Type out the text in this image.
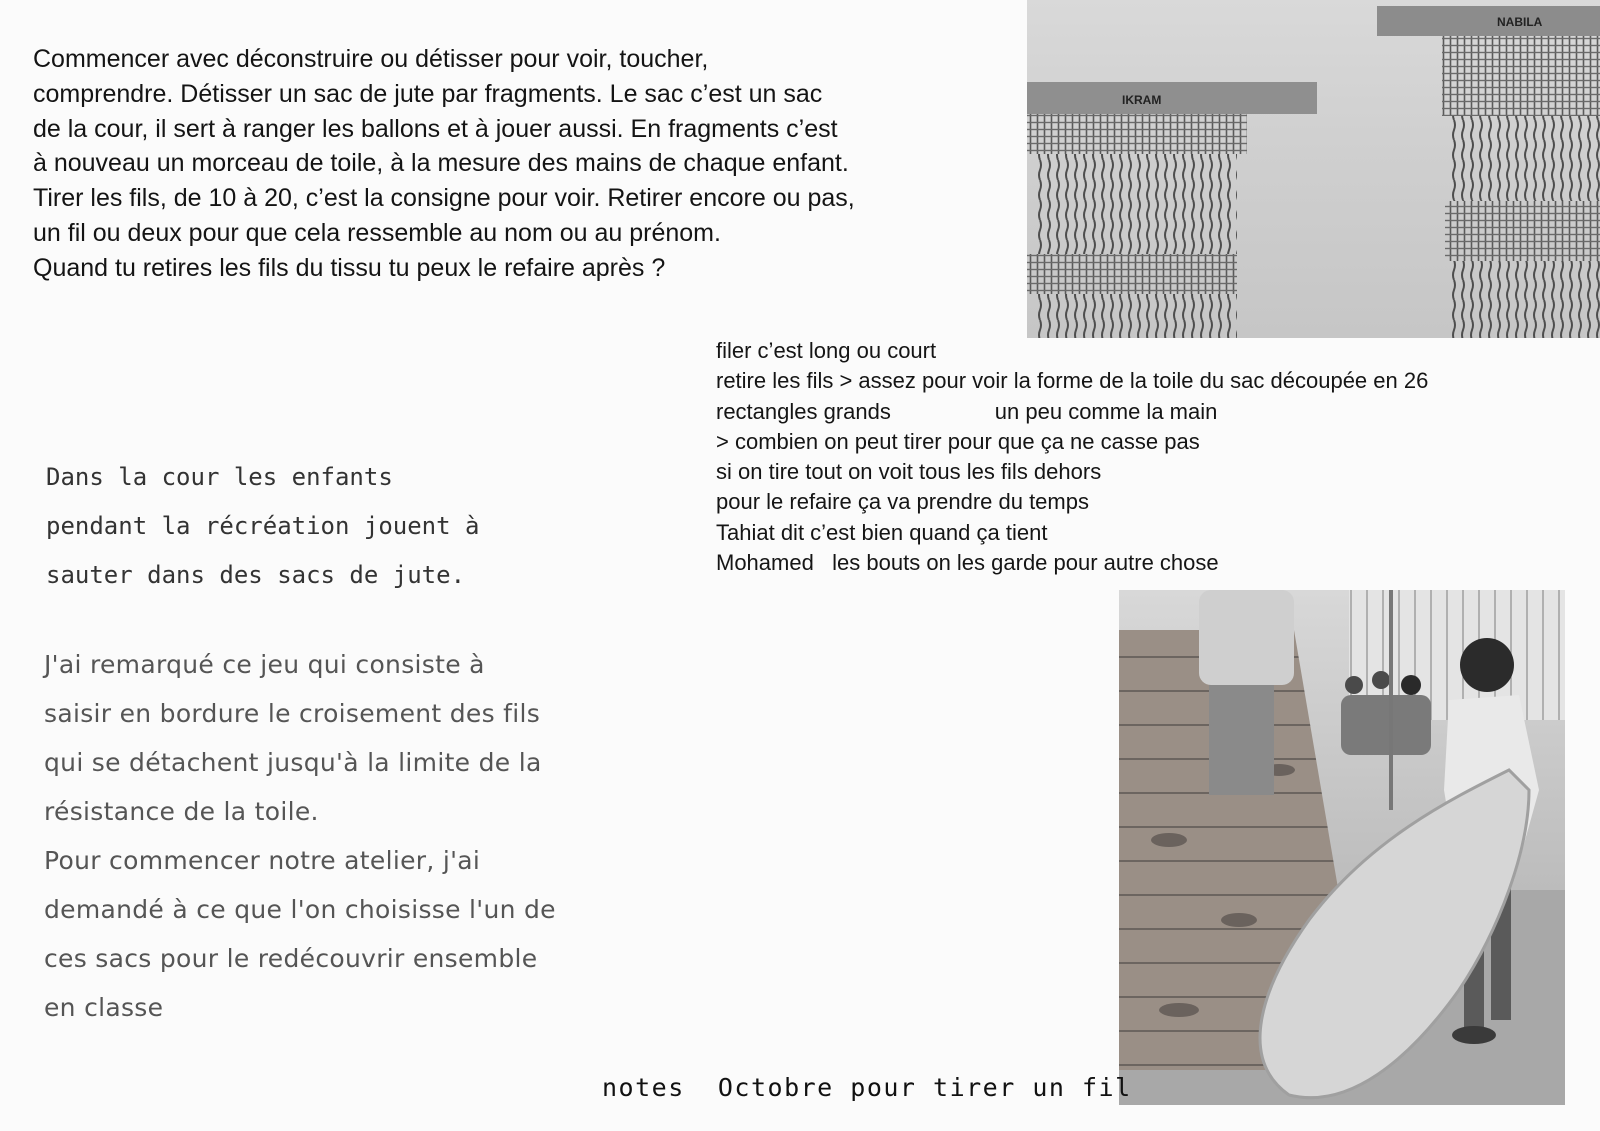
Commencer avec déconstruire ou détisser pour voir, toucher,
comprendre. Détisser un sac de jute par fragments. Le sac c’est un sac
de la cour, il sert à ranger les ballons et à jouer aussi. En fragments c’est
à nouveau un morceau de toile, à la mesure des mains de chaque enfant.
Tirer les fils, de 10 à 20, c’est la consigne pour voir. Retirer encore ou pas,
un fil ou deux pour que cela ressemble au nom ou au prénom.
Quand tu retires les fils du tissu tu peux le refaire après ?
NABILA
IKRAM
filer c’est long ou court
retire les fils > assez pour voir la forme de la toile du sac découpée en 26
rectangles grands                 un peu comme la main
> combien on peut tirer pour que ça ne casse pas
si on tire tout on voit tous les fils dehors
pour le refaire ça va prendre du temps
Tahiat dit c’est bien quand ça tient
Mohamed   les bouts on les garde pour autre chose
Dans la cour les enfants
pendant la récréation jouent à
sauter dans des sacs de jute.
J'ai remarqué ce jeu qui consiste à
saisir en bordure le croisement des fils
qui se détachent jusqu'à la limite de la
résistance de la toile.
Pour commencer notre atelier, j'ai
demandé à ce que l'on choisisse l'un de
ces sacs pour le redécouvrir ensemble
en classe
notes  Octobre pour tirer un fil
